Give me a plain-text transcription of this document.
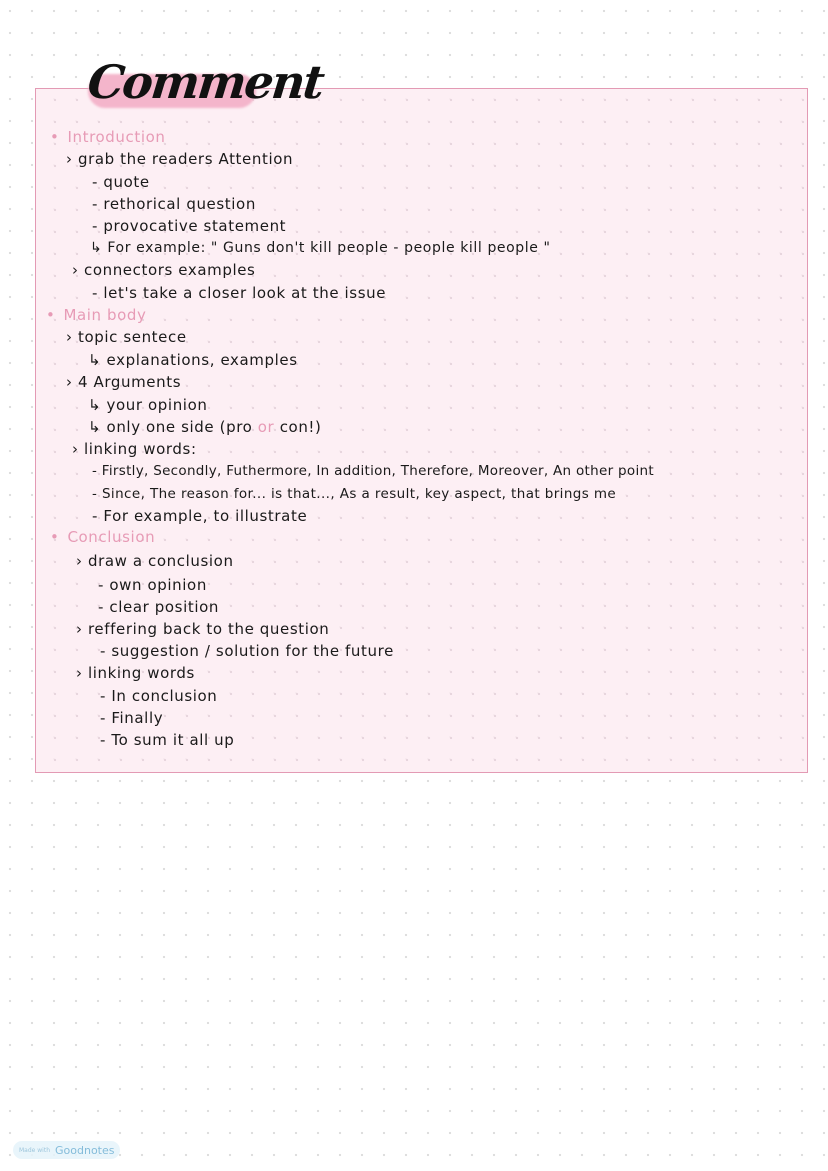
Comment
• Introduction
› grab the readers Attention
- quote
- rethorical question
- provocative statement
↳ For example: " Guns don't kill people - people kill people "
› connectors examples
- let's take a closer look at the issue
• Main body
› topic sentece
↳ explanations, examples
› 4 Arguments
↳ your opinion
↳ only one side (pro or con!)
› linking words:
- Firstly, Secondly, Futhermore, In addition, Therefore, Moreover, An other point
- Since, The reason for... is that..., As a result, key aspect, that brings me
- For example, to illustrate
• Conclusion
› draw a conclusion
- own opinion
- clear position
› reffering back to the question
- suggestion / solution for the future
› linking words
- In conclusion
- Finally
- To sum it all up
Made with Goodnotes
